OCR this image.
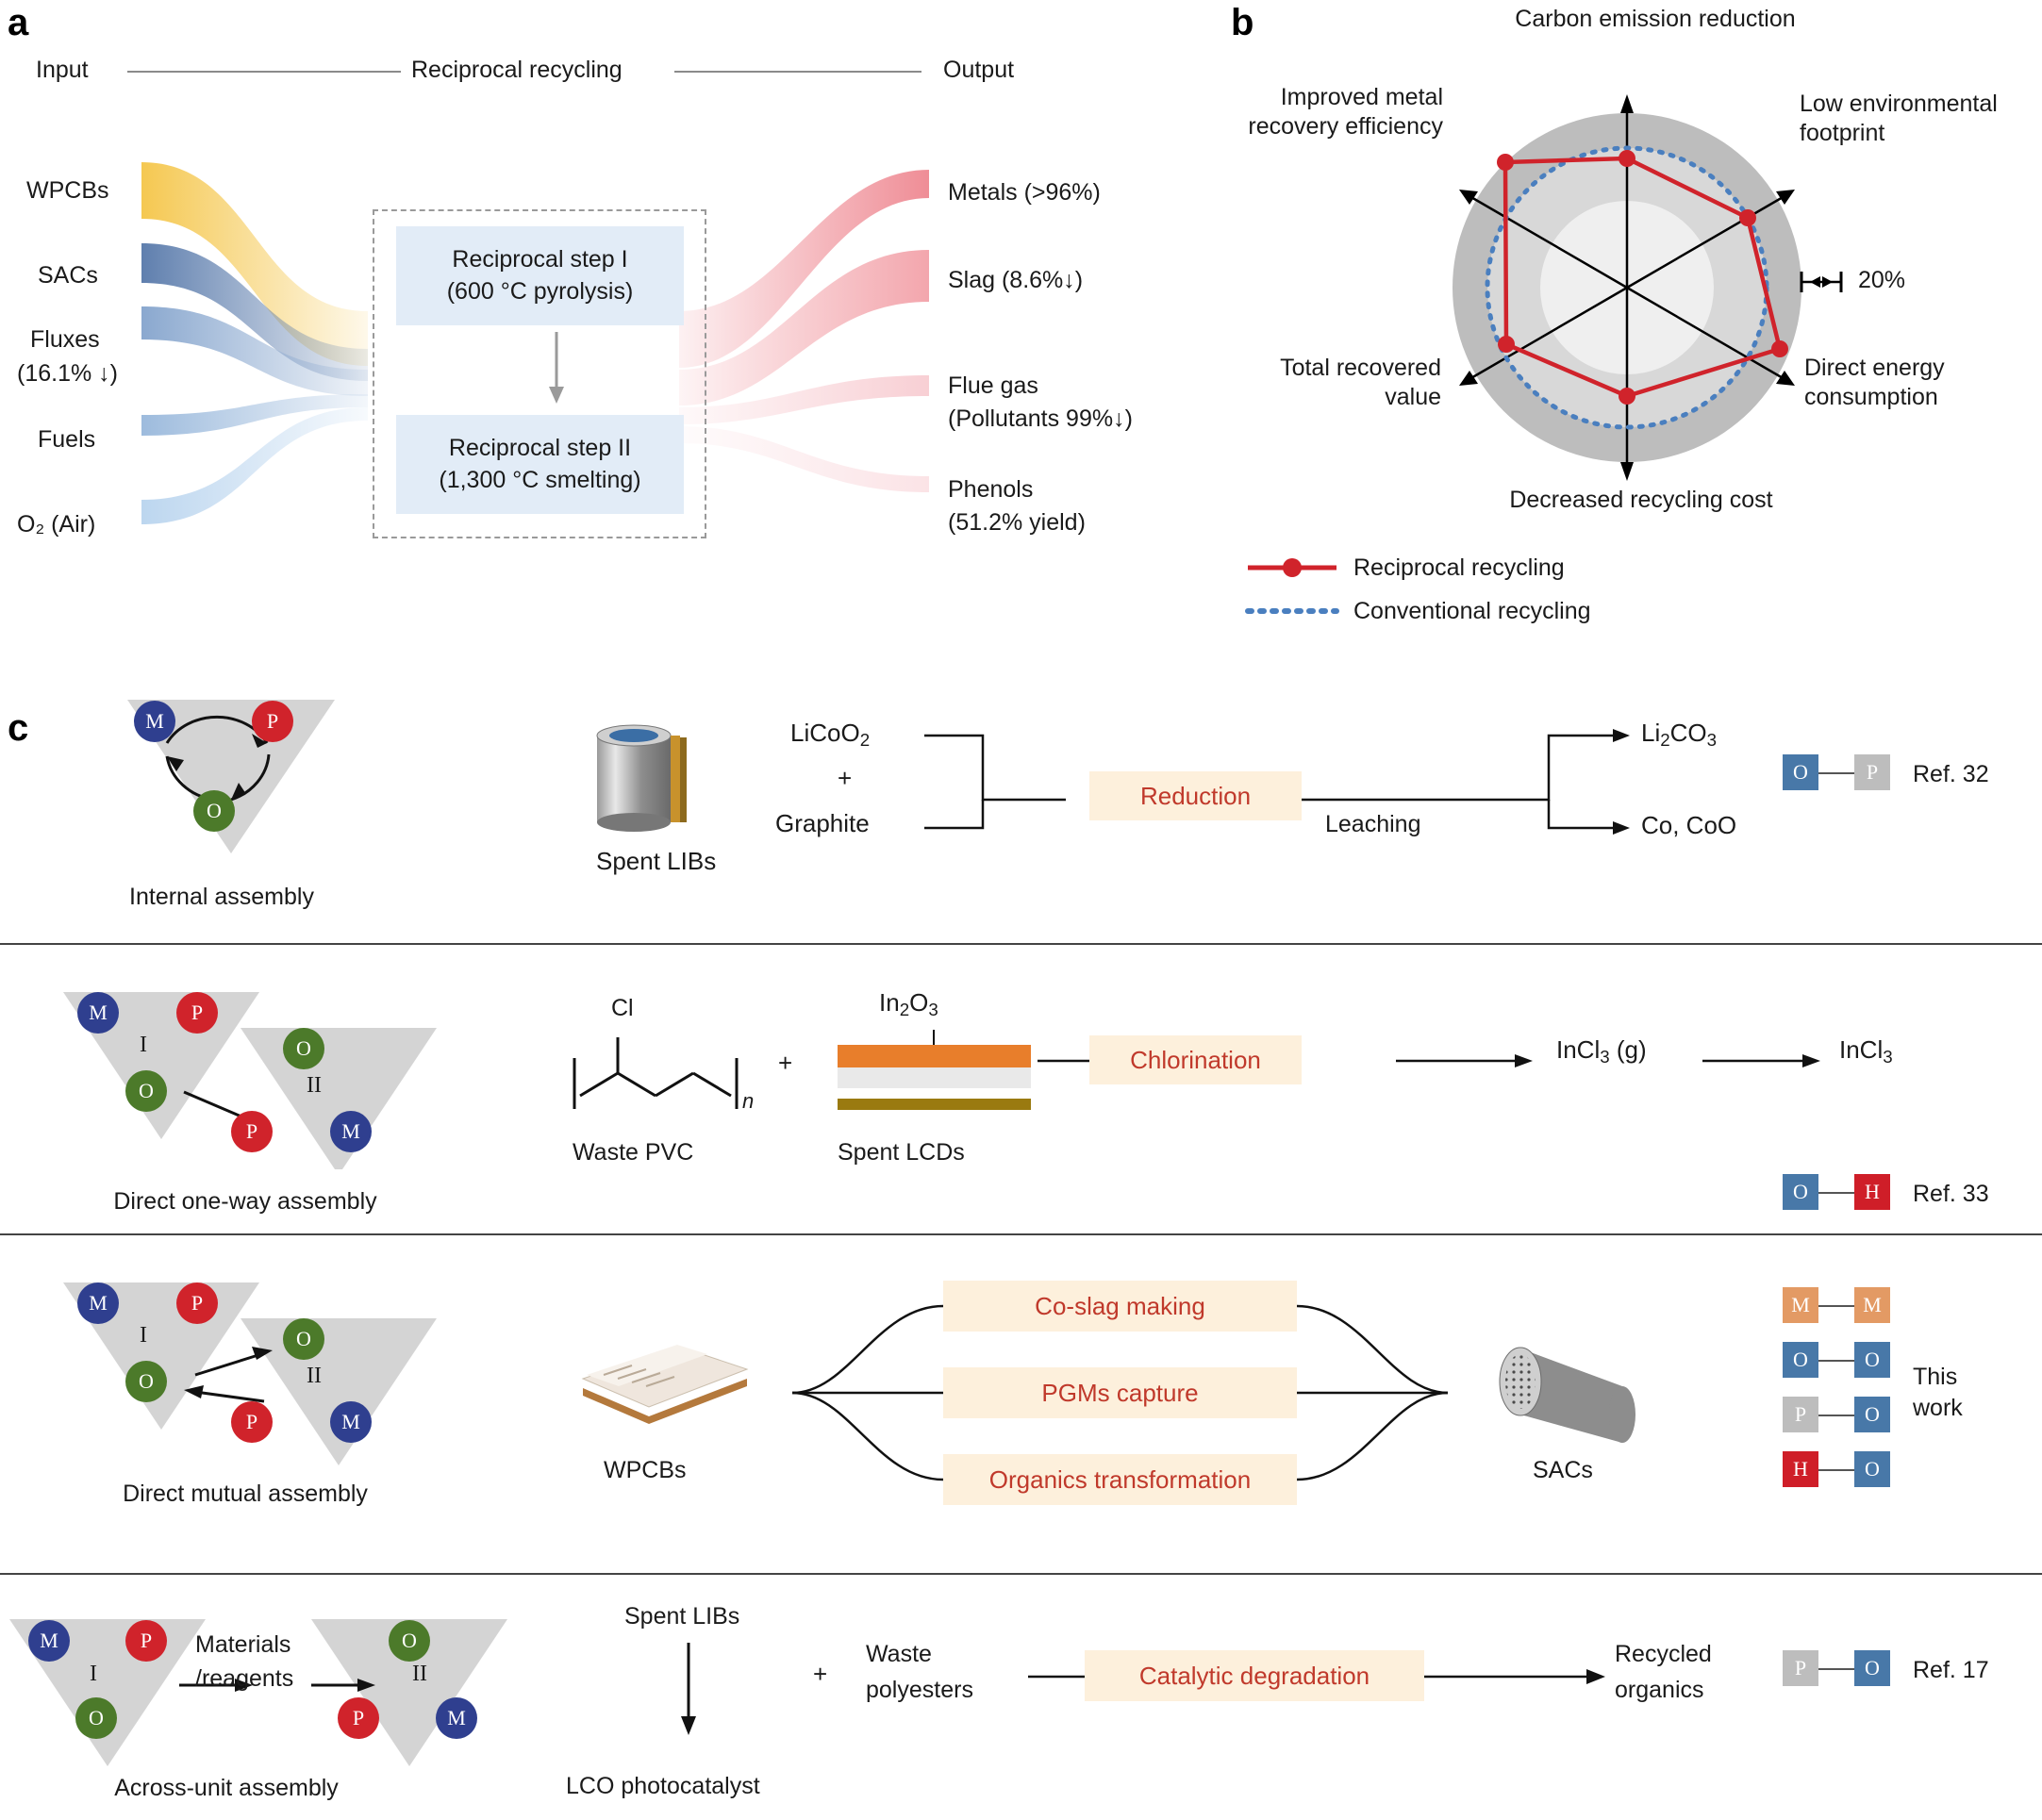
a
Input	Reciprocal recycling	Output
WPCBs
SACs
Fluxes
(16.1% ↓)
Fuels
O₂ (Air)
Reciprocal step I
(600 °C pyrolysis)
Reciprocal step II
(1,300 °C smelting)
Metals (>96%)
Slag (8.6%↓)
Flue gas
(Pollutants 99%↓)
Phenols
(51.2% yield)
b	Carbon emission reduction
Low environmental footprint
Direct energy consumption
Decreased recycling cost
Total recovered value
Improved metal recovery efficiency
20%
Reciprocal recycling
Conventional recycling
c	M	P
O
Internal assembly
Spent LIBs
LiCoO$_2$
+
Graphite
Reduction
Leaching
$Li_2CO_3$
Co, CoO
O	P	Ref. 32
M	P
O
I	O
P	M
II
Direct one-way assembly
Cl
n
Waste PVC
+
$In_2O_3$
Spent LCDs
Chlorination	InCl$_3$ (g)	InCl$_3$
O	H	Ref. 33
M	P
O
I	O
P	M
II
Direct mutual assembly
WPCBs
Co-slag making
PGMs capture
Organics transformation	SACs
M	M
O	O
P	O
H	O
This
work
M	P
O
I
Materials
/reagents
O
P	M
II
Across-unit assembly
Spent LIBs
LCO photocatalyst
+
Waste
polyesters
Catalytic degradation
Recycled
organics
P	O	Ref. 17
